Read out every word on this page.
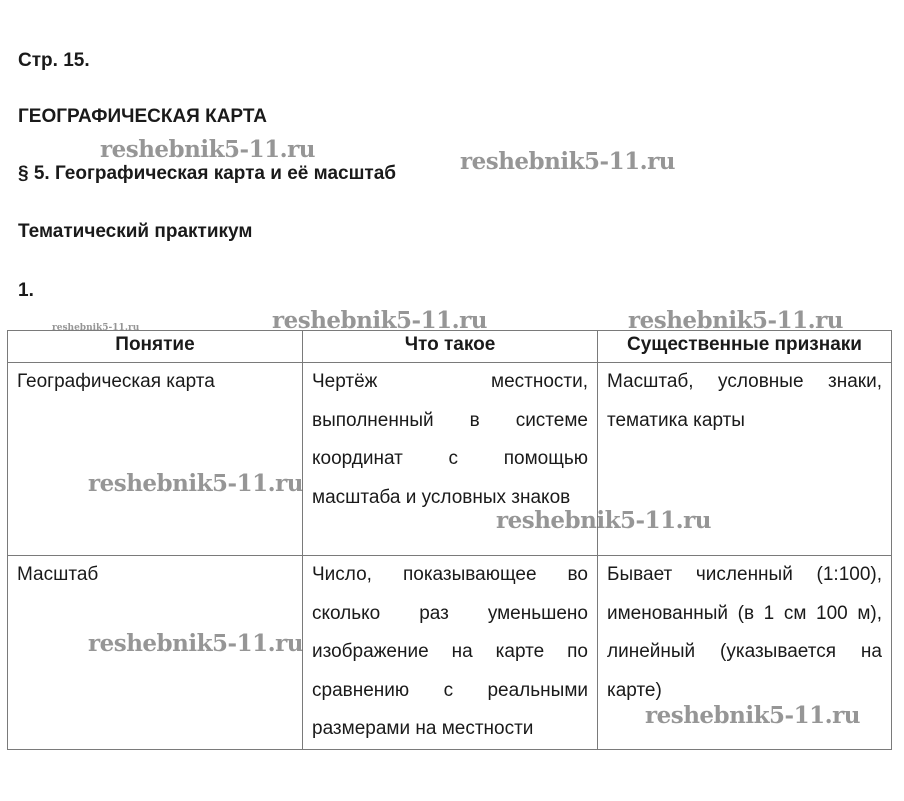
Стр. 15.
ГЕОГРАФИЧЕСКАЯ КАРТА
§ 5. Географическая карта и её масштаб
Тематический практикум
1.
Понятие	Что такое	Существенные признаки
Географическая карта	Чертёж местности, выполненный в системе координат с помощью масштаба и условных знаков	Масштаб, условные знаки, тематика карты
Масштаб	Число, показывающее во сколько раз уменьшено изображение на карте по сравнению с реальными размерами на местности	Бывает численный (1:100), именованный (в 1 см 100 м), линейный (указывается на карте)
reshebnik5-11.ru	reshebnik5-11.ru
reshebnik5-11.ru	reshebnik5-11.ru	reshebnik5-11.ru
reshebnik5-11.ru
reshebnik5-11.ru
reshebnik5-11.ru
reshebnik5-11.ru
